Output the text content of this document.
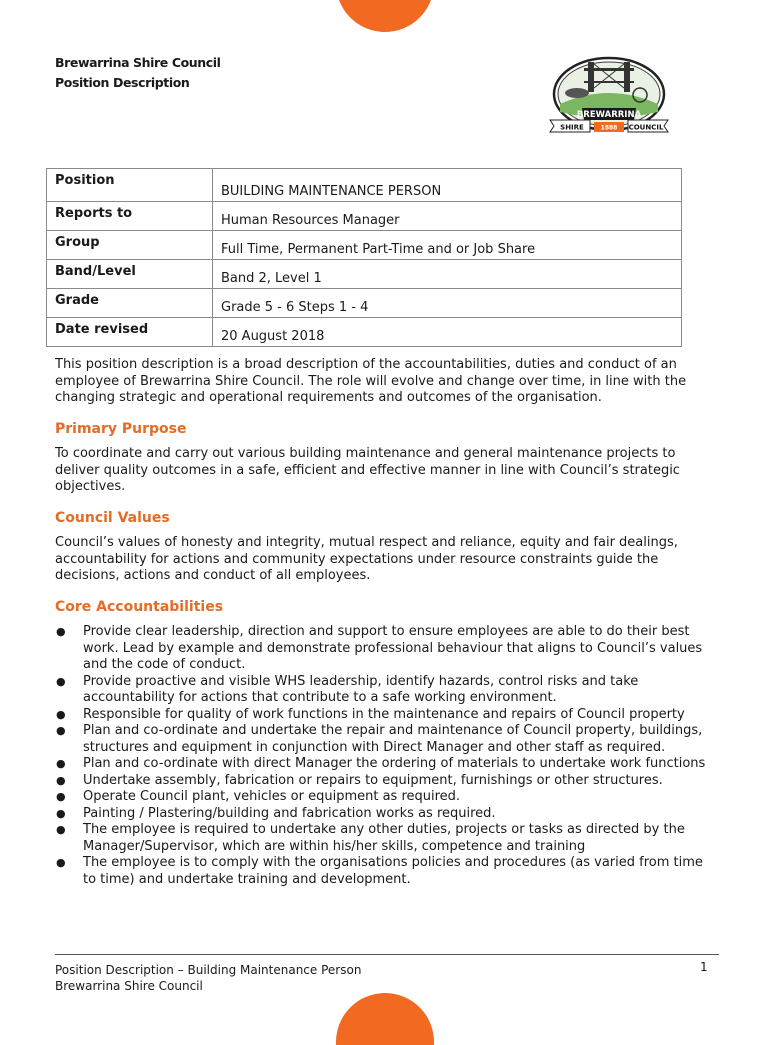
Brewarrina Shire Council
Position Description
BREWARRINA
SHIRE	1888 COUNCIL
Position	BUILDING MAINTENANCE PERSON
Reports to	Human Resources Manager
Group	Full Time, Permanent Part-Time and or Job Share
Band/Level	Band 2, Level 1
Grade	Grade 5 - 6 Steps 1 - 4
Date revised	20 August 2018

This position description is a broad description of the accountabilities, duties and conduct of an employee of Brewarrina Shire Council. The role will evolve and change over time, in line with the changing strategic and operational requirements and outcomes of the organisation.

Primary Purpose

To coordinate and carry out various building maintenance and general maintenance projects to deliver quality outcomes in a safe, efficient and effective manner in line with Council’s strategic objectives.

Council Values

Council’s values of honesty and integrity, mutual respect and reliance, equity and fair dealings, accountability for actions and community expectations under resource constraints guide the decisions, actions and conduct of all employees.

Core Accountabilities
● Provide clear leadership, direction and support to ensure employees are able to do their best work. Lead by example and demonstrate professional behaviour that aligns to Council’s values and the code of conduct.
● Provide proactive and visible WHS leadership, identify hazards, control risks and take accountability for actions that contribute to a safe working environment.
● Responsible for quality of work functions in the maintenance and repairs of Council property
● Plan and co-ordinate and undertake the repair and maintenance of Council property, buildings, structures and equipment in conjunction with Direct Manager and other staff as required.
● Plan and co-ordinate with direct Manager the ordering of materials to undertake work functions
● Undertake assembly, fabrication or repairs to equipment, furnishings or other structures.
● Operate Council plant, vehicles or equipment as required.
● Painting / Plastering/building and fabrication works as required.
● The employee is required to undertake any other duties, projects or tasks as directed by the Manager/Supervisor, which are within his/her skills, competence and training
● The employee is to comply with the organisations policies and procedures (as varied from time to time) and undertake training and development.
Position Description – Building Maintenance Person
Brewarrina Shire Council
1
